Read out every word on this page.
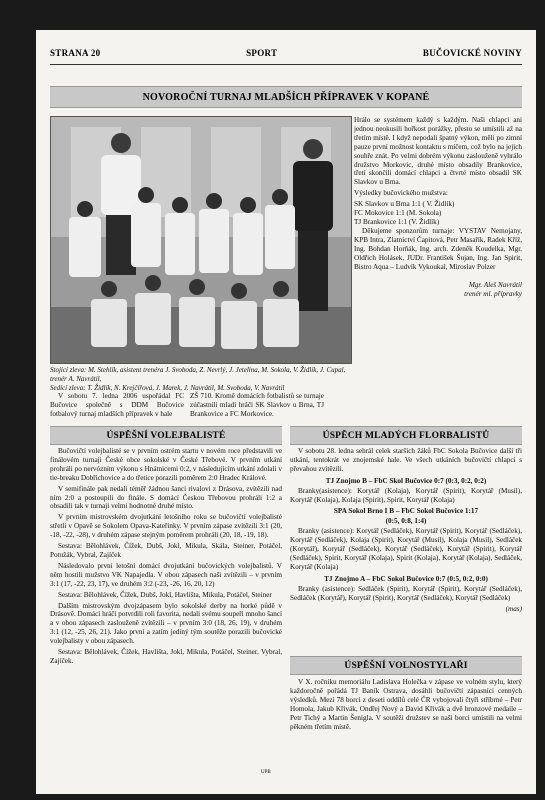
STRANA 20	SPORT	BUČOVICKÉ NOVINY
NOVOROČNÍ TURNAJ MLADŠÍCH PŘÍPRAVEK V KOPANÉ
Stojící zleva: M. Stehlík, asistent trenéra J. Svoboda, Z. Nevrlý, J. Jetelina, M. Sokola, V. Židlík, J. Cupal, trenér A. Navrátil,
Sedící zleva: T. Židlík, N. Krejčířová, J. Marek, J. Navrátil, M. Svoboda, V. Navrátil

Hrálo se systémem každý s každým. Naši chlapci ani jednou neokusili hořkost porážky, přesto se umístili až na třetím místě. I když nepodali špatný výkon, měli po zimní pauze první možnost kontaktu s míčem, což bylo na jejich souhře znát. Po velmi dobrém výkonu zaslouženě vyhrálo družstvo Morkovic, druhé místo obsadily Brankovice, třetí skončili domácí chlapci a čtvrté místo obsadil SK Slavkov u Brna.

Výsledky bučovického mužstva:

SK Slavkov u Brna 1:1 ( V. Židlík)
FC Mokovice 1:1 (M. Sokola)
TJ Brankovice 1:1 (V. Židlík)

Děkujeme sponzorům turnaje: VYSTAV Nemojany, KPB Intra, Zlatnictví Čapitová, Petr Masařík, Radek Kříž, Ing. Bohdan Horňák, Ing. arch. Zdeněk Koudelka, Mgr. Oldřich Holásek, JUDr. František Šujan, Ing. Jan Spirit, Bistro Aqua – Ludvík Vykoukal, Miroslav Polzer

Mgr. Aleš Navrátil
trenér ml. přípravky

V sobotu 7. ledna 2006 uspořádal FC Bučovice společně s DDM Bučovice fotbalový turnaj mladších přípravek v hale

ZŠ 710. Kromě domácích fotbalistů se turnaje zúčastnili mladí hráči SK Slavkov u Brna, TJ Brankovice a FC Morkovice.

ÚSPĚŠNÍ VOLEJBALISTÉ

Bučovičtí volejbalisté se v prvním ostrém startu v novém roce představili ve finálovém turnaji České obce sokolské v České Třebové. V prvním utkání prohráli po nervózním výkonu s Hnátnicemi 0:2, v následujícím utkání zdolali v tie-breaku Dobřichovice a do třetice porazili poměrem 2:0 Hradec Králové.

V semifinále pak nedali téměř žádnou šanci rivalovi z Drásova, zvítězili nad ním 2:0 a postoupili do finále. S domácí Českou Třebovou prohráli 1:2 a obsadili tak v turnaji velmi hodnotné druhé místo.

V prvním mistrovském dvojutkání letošního roku se bučovičtí volejbalisté střetli v Opavě se Sokolem Opava-Kateřinky. V prvním zápase zvítězili 3:1 (20, -18, -22, -28), v druhém zápase stejným poměrem prohráli (20, 18, -19, 18).

Sestava: Bělohlávek, Čížek, Dubš, Jokl, Mikula, Skála, Steiner, Potáčel, Potužák, Vybral, Zajíček

Následovalo první letošní domácí dvojutkání bučovických volejbalistů. V něm hostili mužstvo VK Napajedla. V obou zápasech naši zvítězili – v prvním 3:1 (17, -22, 23, 17), ve druhém 3:2 (-23, -26, 16, 20, 12)

Sestava: Bělohlávek, Čížek, Dubš, Jokl, Havlišta, Mikula, Potáčel, Steiner

Dalším mistrovským dvojzápasem bylo sokolské derby na horké půdě v Drásově. Domácí hráči potvrdili roli favorita, nedali svému soupeři mnoho šancí a v obou zápasech zaslouženě zvítězili – v prvním 3:0 (18, 26, 19), v druhém 3:1 (12, -25, 26, 21). Jako první a zatím jediný tým soutěže porazili bučovické volejbalisty v obou zápasech.

Sestava: Bělohlávek, Čížek, Havlišta, Jokl, Mikula, Potáčel, Steiner, Vybral, Zajíček.

ÚSPĚCH MLADÝCH FLORBALISTŮ

V sobotu 28. ledna sehrál celek starších žáků FbC Sokola Bučovice další tři utkání, tentokrát ve znojemské hale. Ve všech utkáních bučovičtí chlapci s převahou zvítězili.

TJ Znojmo B – FbC Skol Bučovice 0:7 (0:3, 0:2, 0:2)

Branky(asistence): Korytář (Kolaja), Korytář (Spirit), Korytář (Musil), Korytář (Kolaja), Kolaja (Spirit), Spirit, Korytář (Kolaja)

SPA Sokol Brno I B – FbC Sokol Bučovice 1:17
(0:5, 0:8, 1:4)

Branky (asistence): Korytář (Sedláček), Korytář (Spirit), Korytář (Sedláček), Korytář (Sedláček), Kolaja (Spirit), Korytář (Musil), Kolaja (Musil), Sedláček (Korytář), Korytář (Sedláček), Korytář (Sedláček), Korytář (Spirit), Korytář (Sedláček), Spirit, Korytář (Kolaja), Spirit (Kolaja), Korytář (Kolaja), Sedláček, Korytář (Kolaja)

TJ Znojmo A – FbC Sokol Bučovice 0:7 (0:5, 0:2, 0:0)

Branky (asistence): Sedláček (Spirit), Korytář (Spirit), Korytář (Sedláček), Sedláček (Korytář), Korytář (Spirit), Korytář (Sedláček), Korytář (Sedláček)

(mas)
ÚSPĚŠNÍ VOLNOSTYLAŘI

V X. ročníku memoriálu Ladislava Holečka v zápase ve volném stylu, který každoročně pořádá TJ Baník Ostrava, dosáhli bučovičtí zápasníci cenných výsledků. Mezi 78 borci z deseti oddílů celé ČR vybojovali čtyři stříbrné – Petr Homola, Jakub Křivák, Ondřej Nový a David Křivák a dvě bronzové medaile – Petr Tichý a Martin Šenigla. V soutěži družstev se naši borci umístili na velmi pěkném třetím místě.

UPB
